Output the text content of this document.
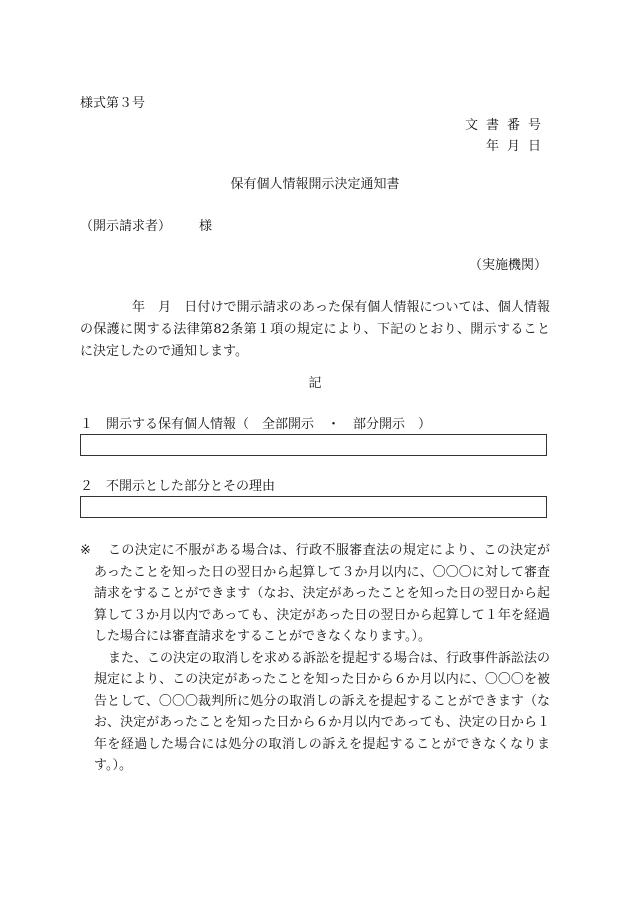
様式第３号
文書番号
年月日
保有個人情報開示決定通知書
（開示請求者） 様
（実施機関）
年　月　日付けで開示請求のあった保有個人情報については、個人情報の保護に関する法律第82条第１項の規定により、下記のとおり、開示することに決定したので通知します。
記
１　開示する保有個人情報（　全部開示　・　部分開示　）
２　不開示とした部分とその理由
※	この決定に不服がある場合は、行政不服審査法の規定により、この決定があったことを知った日の翌日から起算して３か月以内に、〇〇〇に対して審査請求をすることができます（なお、決定があったことを知った日の翌日から起算して３か月以内であっても、決定があった日の翌日から起算して１年を経過した場合には審査請求をすることができなくなります。）。

また、この決定の取消しを求める訴訟を提起する場合は、行政事件訴訟法の規定により、この決定があったことを知った日から６か月以内に、〇〇〇を被告として、〇〇〇裁判所に処分の取消しの訴えを提起することができます（なお、決定があったことを知った日から６か月以内であっても、決定の日から１年を経過した場合には処分の取消しの訴えを提起することができなくなります。）。
